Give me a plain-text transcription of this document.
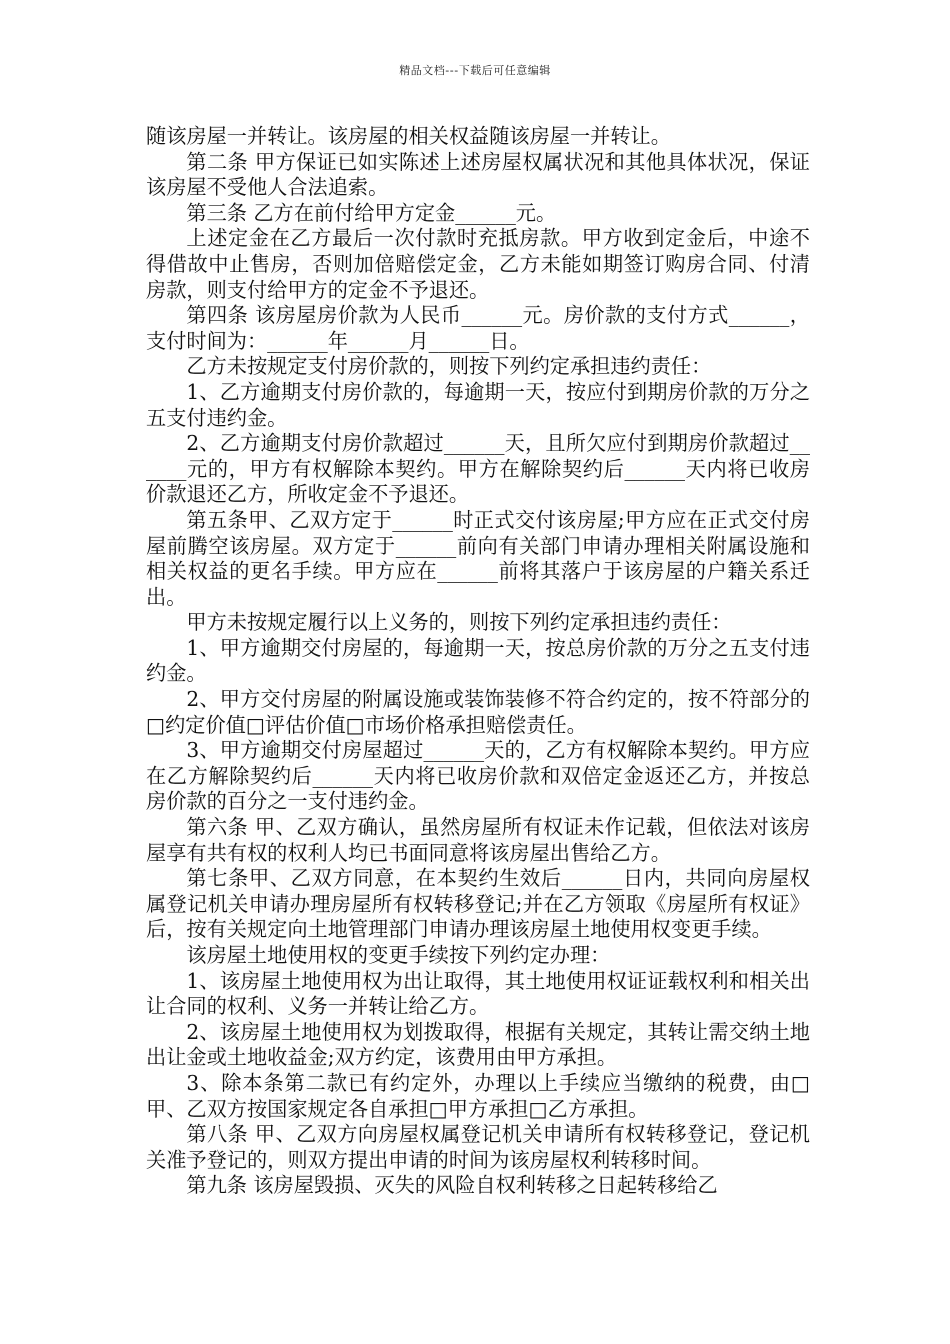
精品文档---下载后可任意编辑

随该房屋一并转让。该房屋的相关权益随该房屋一并转让。

第二条 甲方保证已如实陈述上述房屋权属状况和其他具体状况，保证该房屋不受他人合法追索。

第三条 乙方在前付给甲方定金______元。

上述定金在乙方最后一次付款时充抵房款。甲方收到定金后，中途不得借故中止售房，否则加倍赔偿定金，乙方未能如期签订购房合同、付清房款，则支付给甲方的定金不予退还。

第四条 该房屋房价款为人民币______元。房价款的支付方式______，支付时间为：______年______月______日。

乙方未按规定支付房价款的，则按下列约定承担违约责任：

1、乙方逾期支付房价款的，每逾期一天，按应付到期房价款的万分之五支付违约金。

2、乙方逾期支付房价款超过______天，且所欠应付到期房价款超过______元的，甲方有权解除本契约。甲方在解除契约后______天内将已收房价款退还乙方，所收定金不予退还。

第五条甲、乙双方定于______时正式交付该房屋;甲方应在正式交付房屋前腾空该房屋。双方定于______前向有关部门申请办理相关附属设施和相关权益的更名手续。甲方应在______前将其落户于该房屋的户籍关系迁出。

甲方未按规定履行以上义务的，则按下列约定承担违约责任：

1、甲方逾期交付房屋的，每逾期一天，按总房价款的万分之五支付违约金。

2、甲方交付房屋的附属设施或装饰装修不符合约定的，按不符部分的□约定价值□评估价值□市场价格承担赔偿责任。

3、甲方逾期交付房屋超过______天的，乙方有权解除本契约。甲方应在乙方解除契约后______天内将已收房价款和双倍定金返还乙方，并按总房价款的百分之一支付违约金。

第六条 甲、乙双方确认，虽然房屋所有权证未作记载，但依法对该房屋享有共有权的权利人均已书面同意将该房屋出售给乙方。

第七条甲、乙双方同意，在本契约生效后______日内，共同向房屋权属登记机关申请办理房屋所有权转移登记;并在乙方领取《房屋所有权证》后，按有关规定向土地管理部门申请办理该房屋土地使用权变更手续。

该房屋土地使用权的变更手续按下列约定办理：

1、该房屋土地使用权为出让取得，其土地使用权证证载权利和相关出让合同的权利、义务一并转让给乙方。

2、该房屋土地使用权为划拨取得，根据有关规定，其转让需交纳土地出让金或土地收益金;双方约定，该费用由甲方承担。

3、除本条第二款已有约定外，办理以上手续应当缴纳的税费，由□甲、乙双方按国家规定各自承担□甲方承担□乙方承担。

第八条 甲、乙双方向房屋权属登记机关申请所有权转移登记，登记机关准予登记的，则双方提出申请的时间为该房屋权利转移时间。

第九条 该房屋毁损、灭失的风险自权利转移之日起转移给乙
